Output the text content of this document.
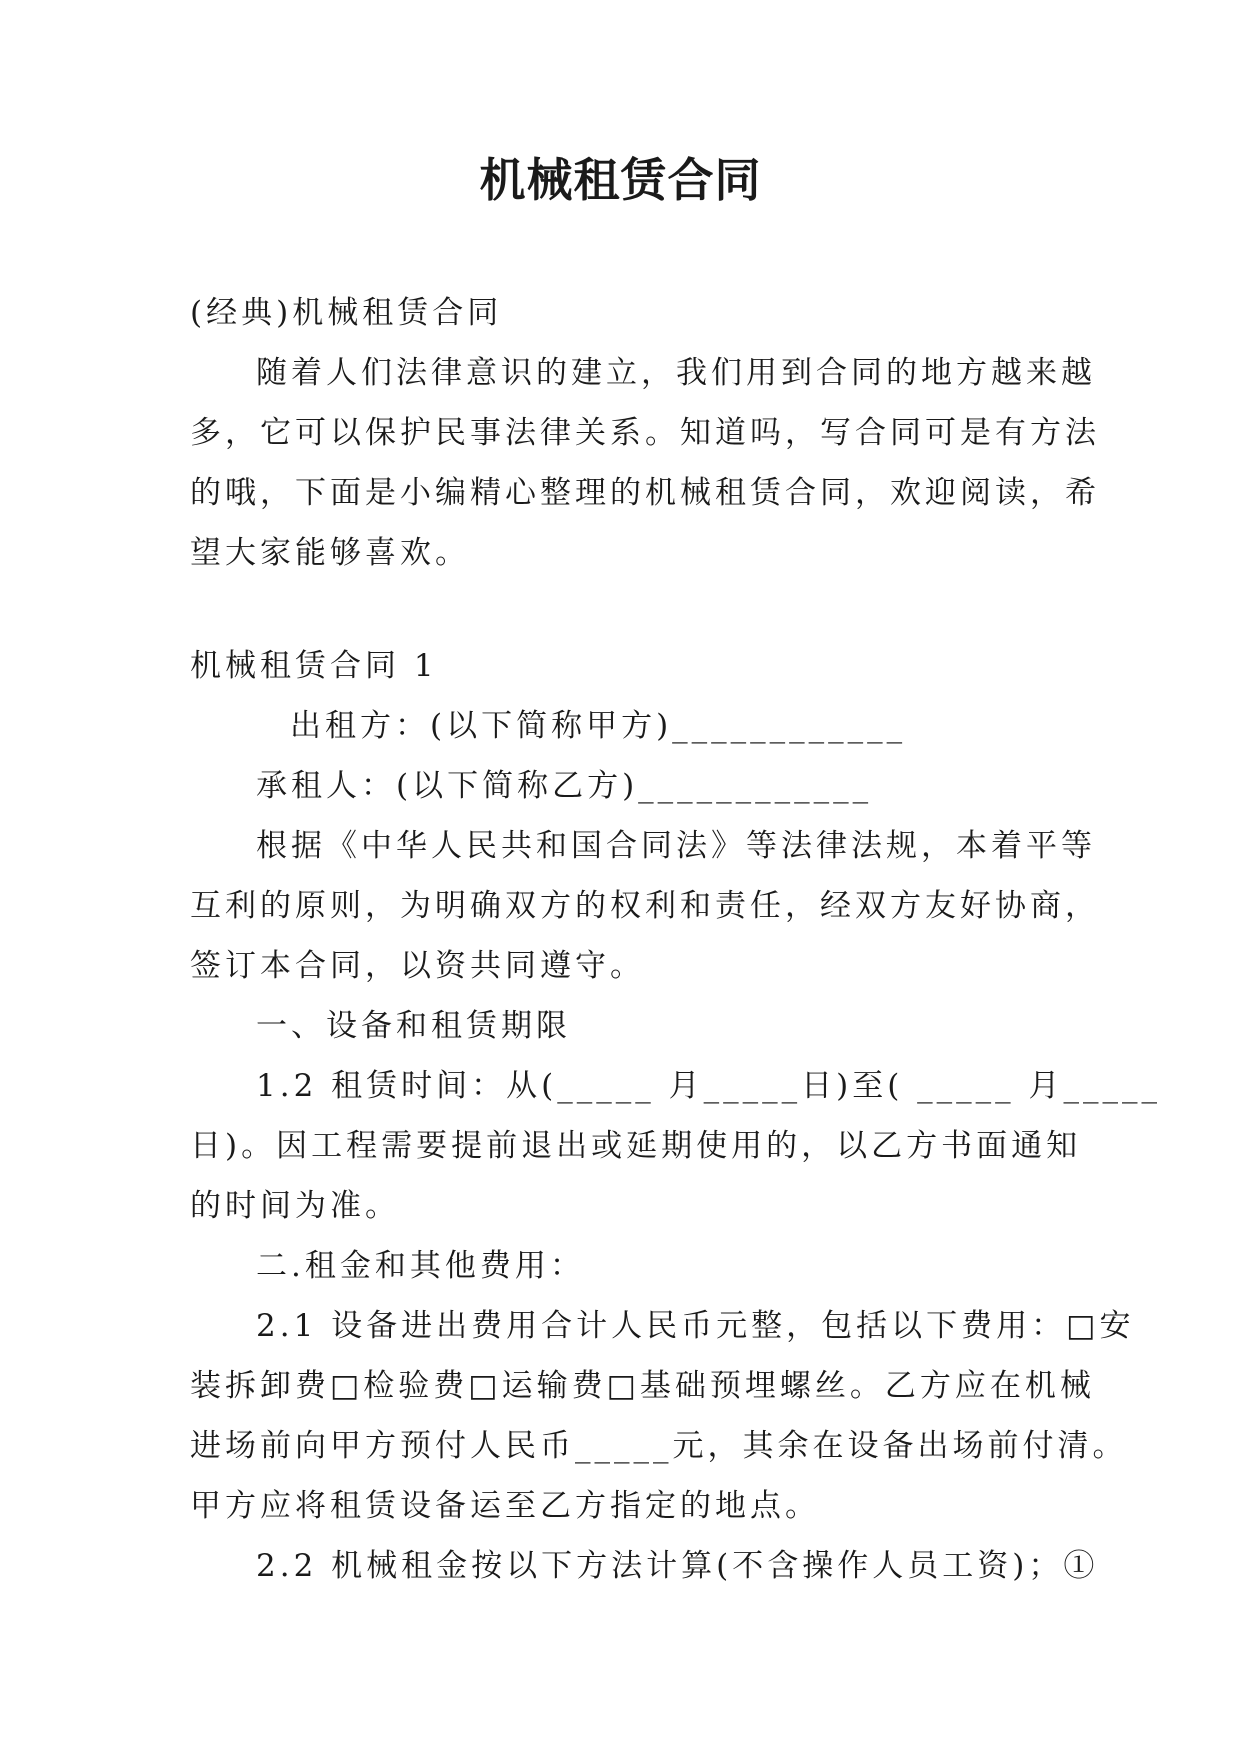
机械租赁合同

(经典)机械租赁合同

随着人们法律意识的建立，我们用到合同的地方越来越

多，它可以保护民事法律关系。知道吗，写合同可是有方法

的哦，下面是小编精心整理的机械租赁合同，欢迎阅读，希

望大家能够喜欢。

机械租赁合同 1

出租方：(以下简称甲方)____________

承租人：(以下简称乙方)____________

根据《中华人民共和国合同法》等法律法规，本着平等

互利的原则，为明确双方的权利和责任，经双方友好协商，

签订本合同，以资共同遵守。

一、设备和租赁期限

1.2 租赁时间：从(_____ 月_____日)至( _____ 月_____

日)。因工程需要提前退出或延期使用的，以乙方书面通知

的时间为准。

二.租金和其他费用：

2.1 设备进出费用合计人民币元整，包括以下费用：□安

装拆卸费□检验费□运输费□基础预埋螺丝。乙方应在机械

进场前向甲方预付人民币_____元，其余在设备出场前付清。

甲方应将租赁设备运至乙方指定的地点。

2.2 机械租金按以下方法计算(不含操作人员工资)；①
